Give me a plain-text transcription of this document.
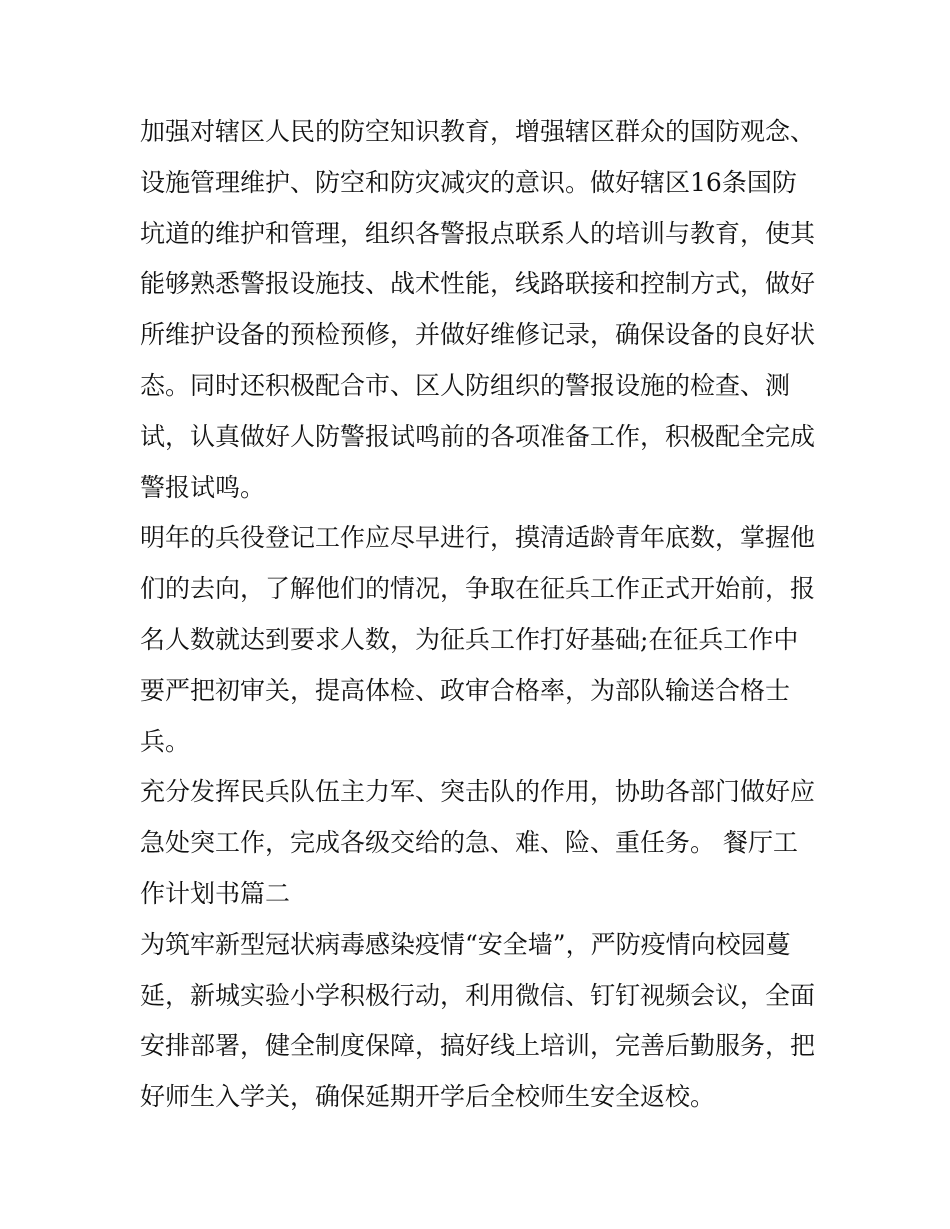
加强对辖区人民的防空知识教育，增强辖区群众的国防观念、
设施管理维护、防空和防灾减灾的意识。做好辖区16条国防
坑道的维护和管理，组织各警报点联系人的培训与教育，使其
能够熟悉警报设施技、战术性能，线路联接和控制方式，做好
所维护设备的预检预修，并做好维修记录，确保设备的良好状
态。同时还积极配合市、区人防组织的警报设施的检查、测
试，认真做好人防警报试鸣前的各项准备工作，积极配全完成
警报试鸣。
明年的兵役登记工作应尽早进行，摸清适龄青年底数，掌握他
们的去向，了解他们的情况，争取在征兵工作正式开始前，报
名人数就达到要求人数，为征兵工作打好基础;在征兵工作中
要严把初审关，提高体检、政审合格率，为部队输送合格士
兵。
充分发挥民兵队伍主力军、突击队的作用，协助各部门做好应
急处突工作，完成各级交给的急、难、险、重任务。 餐厅工
作计划书篇二
为筑牢新型冠状病毒感染疫情“安全墙”，严防疫情向校园蔓
延，新城实验小学积极行动，利用微信、钉钉视频会议，全面
安排部署，健全制度保障，搞好线上培训，完善后勤服务，把
好师生入学关，确保延期开学后全校师生安全返校。
